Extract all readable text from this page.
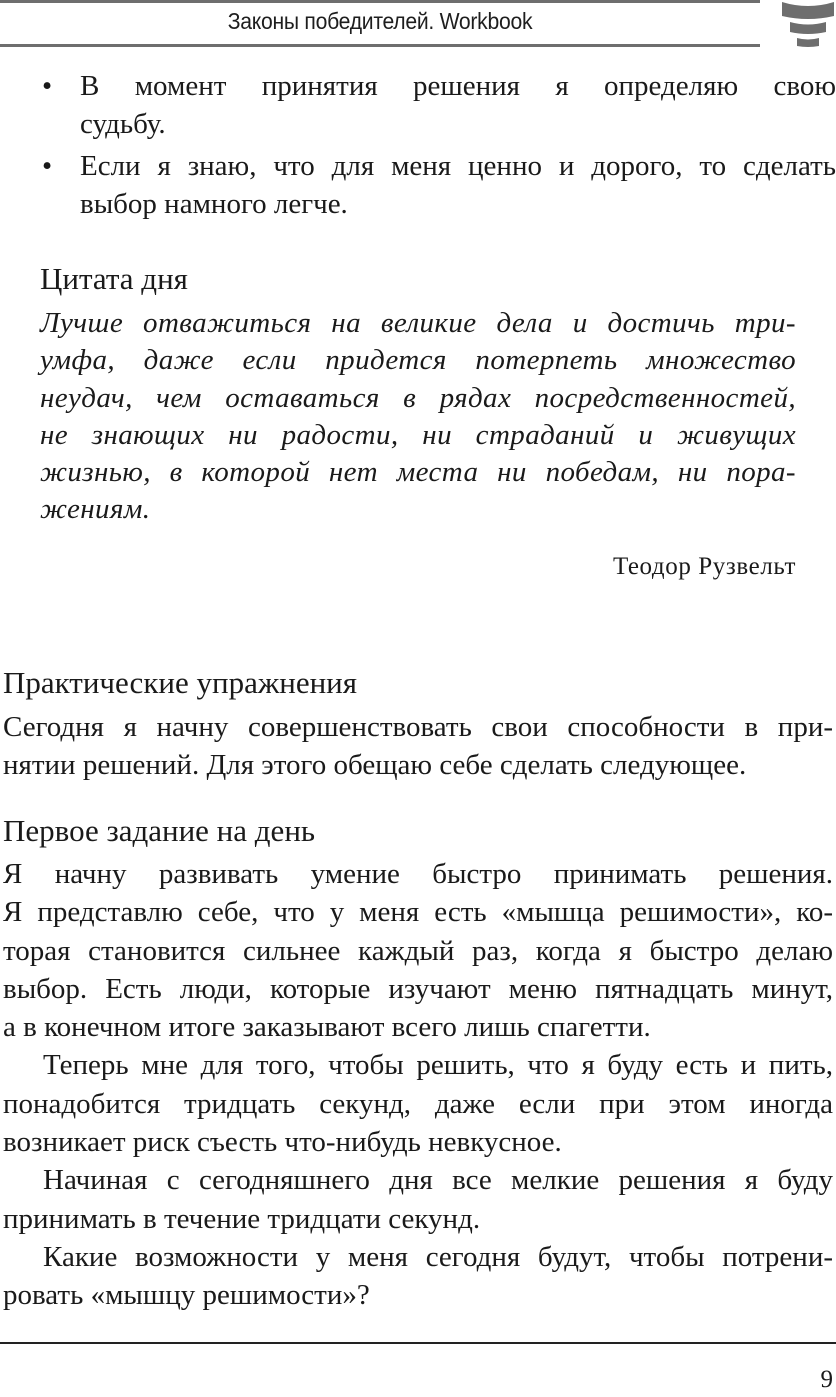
Законы победителей. Workbook
• В момент принятия решения я определяю свою
судьбу.
• Если я знаю, что для меня ценно и дорого, то сделать
выбор намного легче.
Цитата дня
Лучше отважиться на великие дела и достичь три-
умфа, даже если придется потерпеть множество
неудач, чем оставаться в рядах посредственностей,
не знающих ни радости, ни страданий и живущих
жизнью, в которой нет места ни победам, ни пора-
жениям.
Теодор Рузвельт
Практические упражнения
Сегодня я начну совершенствовать свои способности в при-
нятии решений. Для этого обещаю себе сделать следующее.
Первое задание на день
Я начну развивать умение быстро принимать решения.
Я представлю себе, что у меня есть «мышца решимости», ко-
торая становится сильнее каждый раз, когда я быстро делаю
выбор. Есть люди, которые изучают меню пятнадцать минут,
а в конечном итоге заказывают всего лишь спагетти.
Теперь мне для того, чтобы решить, что я буду есть и пить,
понадобится тридцать секунд, даже если при этом иногда
возникает риск съесть что-нибудь невкусное.
Начиная с сегодняшнего дня все мелкие решения я буду
принимать в течение тридцати секунд.
Какие возможности у меня сегодня будут, чтобы потрени-
ровать «мышцу решимости»?
9
